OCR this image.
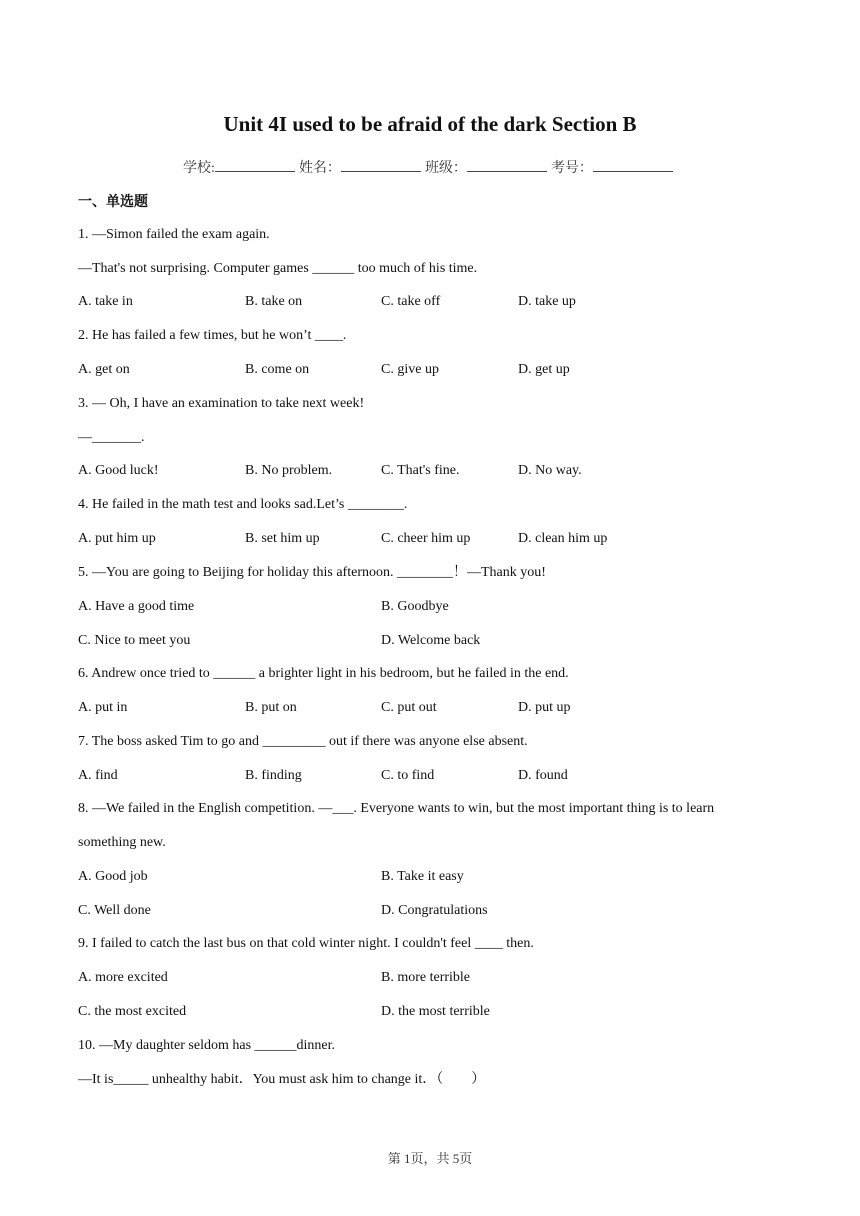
Unit 4I used to be afraid of the dark Section B
学校:	姓名：	班级：	考号：
一、单选题
1. —Simon failed the exam again.
—That's not surprising. Computer games ______ too much of his time.
A. take in	B. take on	C. take off	D. take up
2. He has failed a few times, but he won’t ____.
A. get on	B. come on	C. give up	D. get up
3. — Oh, I have an examination to take next week!
—_______.
A. Good luck!	B. No problem.	C. That's fine.	D. No way.
4. He failed in the math test and looks sad.Let’s ________.
A. put him up	B. set him up	C. cheer him up	D. clean him up
5. —You are going to Beijing for holiday this afternoon. ________！—Thank you!
A. Have a good time	B. Goodbye
C. Nice to meet you	D. Welcome back
6. Andrew once tried to ______ a brighter light in his bedroom, but he failed in the end.
A. put in	B. put on	C. put out	D. put up
7. The boss asked Tim to go and _________ out if there was anyone else absent.
A. find	B. finding	C. to find	D. found
8. —We failed in the English competition. —___. Everyone wants to win, but the most important thing is to learn
something new.
A. Good job	B. Take it easy
C. Well done	D. Congratulations
9. I failed to catch the last bus on that cold winter night. I couldn't feel ____ then.
A. more excited	B. more terrible
C. the most excited	D. the most terrible
10. —My daughter seldom has ______dinner.
—It is_____ unhealthy habit．You must ask him to change it．（　　）
第 1页，共 5页
